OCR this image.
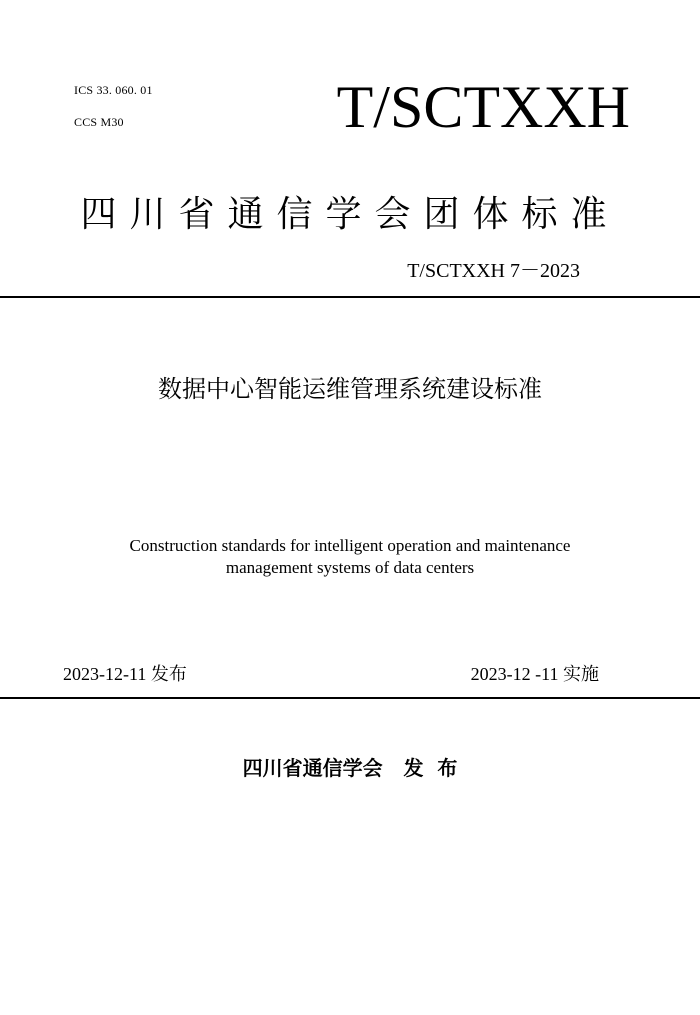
ICS 33. 060. 01
CCS M30	T/SCTXXH
四川省通信学会团体标准
T/SCTXXH 7－2023
数据中心智能运维管理系统建设标准
Construction standards for intelligent operation and maintenance
management systems of data centers
2023-12-11 发布	2023-12 -11 实施
四川省通信学会 发  布
